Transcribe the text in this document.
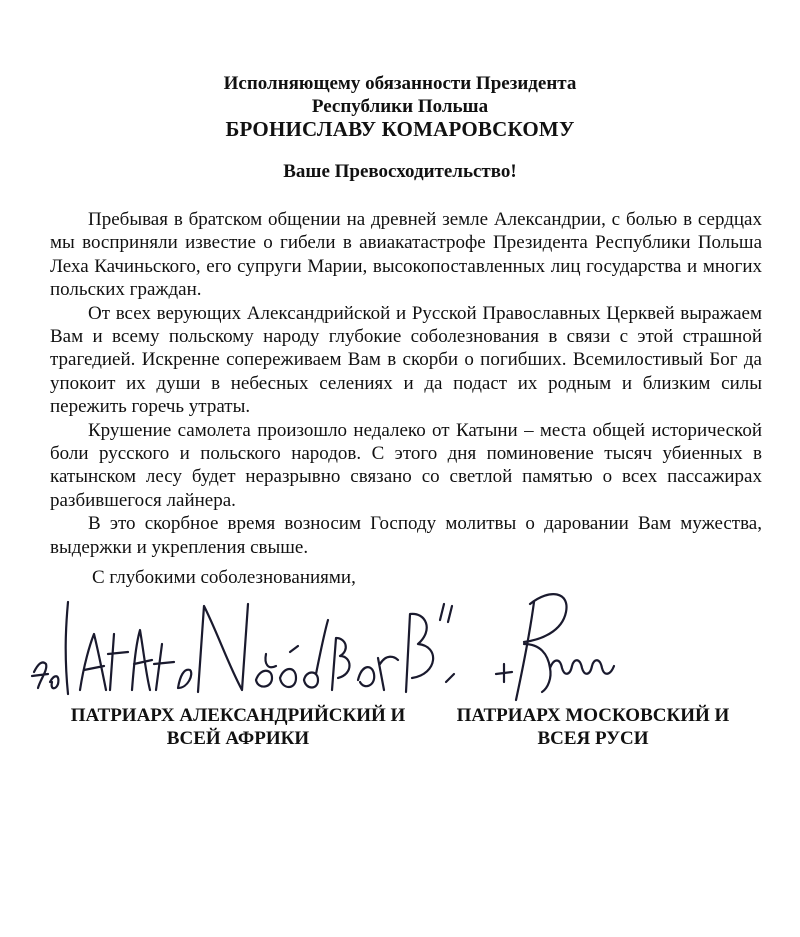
Исполняющему обязанности Президента
Республики Польша
БРОНИСЛАВУ КОМАРОВСКОМУ
Ваше Превосходительство!

Пребывая в братском общении на древней земле Александрии, с болью в сердцах мы восприняли известие о гибели в авиакатастрофе Президента Республики Польша Леха Качиньского, его супруги Марии, высокопоставленных лиц государства и многих польских граждан.

От всех верующих Александрийской и Русской Православных Церквей выражаем Вам и всему польскому народу глубокие соболезнования в связи с этой страшной трагедией. Искренне сопереживаем Вам в скорби о погибших. Всемилостивый Бог да упокоит их души в небесных селениях и да подаст их родным и близким силы пережить горечь утраты.

Крушение самолета произошло недалеко от Катыни – места общей исторической боли русского и польского народов. С этого дня поминовение тысяч убиенных в катынском лесу будет неразрывно связано со светлой памятью о всех пассажирах разбившегося лайнера.

В это скорбное время возносим Господу молитвы о даровании Вам мужества, выдержки и укрепления свыше.

С глубокими соболезнованиями,
ПАТРИАРХ АЛЕКСАНДРИЙСКИЙ И
ВСЕЙ АФРИКИ
ПАТРИАРХ МОСКОВСКИЙ И
ВСЕЯ РУСИ
